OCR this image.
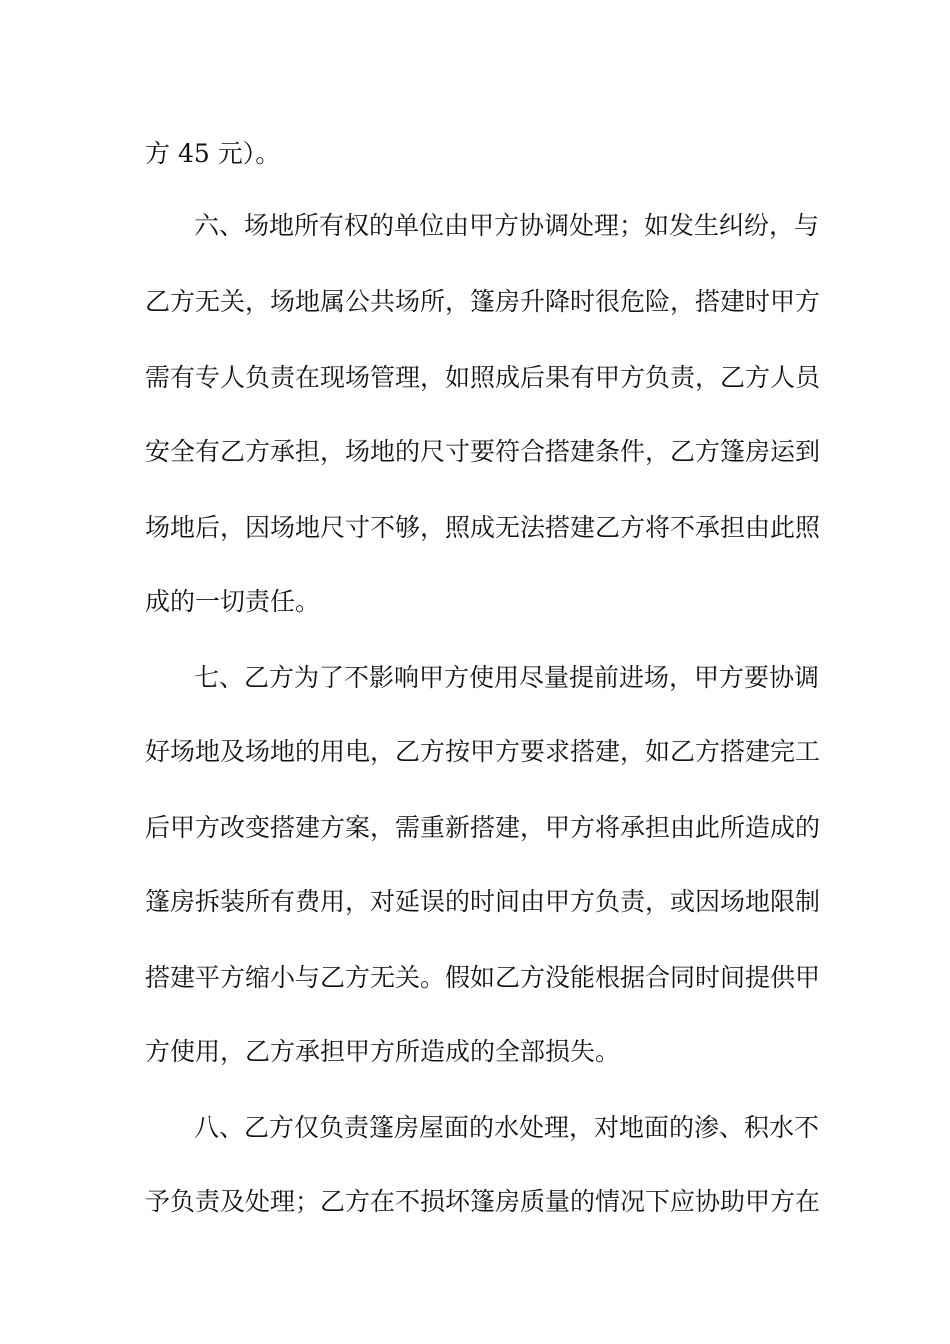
方 45 元）。
六、场地所有权的单位由甲方协调处理；如发生纠纷，与
乙方无关，场地属公共场所，篷房升降时很危险，搭建时甲方
需有专人负责在现场管理，如照成后果有甲方负责，乙方人员
安全有乙方承担，场地的尺寸要符合搭建条件，乙方篷房运到
场地后，因场地尺寸不够，照成无法搭建乙方将不承担由此照
成的一切责任。
七、乙方为了不影响甲方使用尽量提前进场，甲方要协调
好场地及场地的用电，乙方按甲方要求搭建，如乙方搭建完工
后甲方改变搭建方案，需重新搭建，甲方将承担由此所造成的
篷房拆装所有费用，对延误的时间由甲方负责，或因场地限制
搭建平方缩小与乙方无关。假如乙方没能根据合同时间提供甲
方使用，乙方承担甲方所造成的全部损失。
八、乙方仅负责篷房屋面的水处理，对地面的渗、积水不
予负责及处理；乙方在不损坏篷房质量的情况下应协助甲方在
